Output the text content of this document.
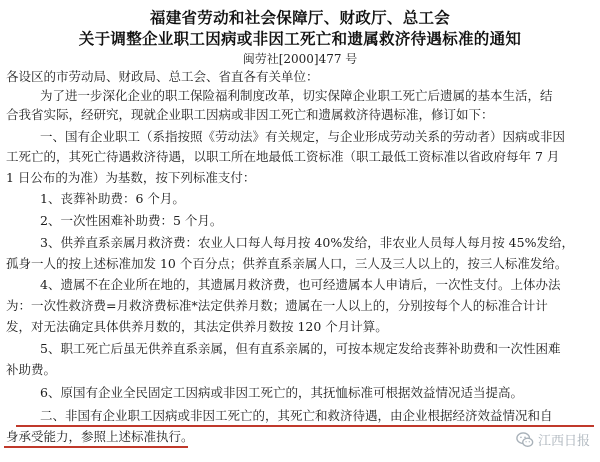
福建省劳动和社会保障厅、财政厅、总工会
关于调整企业职工因病或非因工死亡和遗属救济待遇标准的通知
闽劳社[2000]477 号
各设区的市劳动局、财政局、总工会、省直各有关单位：
为了进一步深化企业的职工保险福利制度改革，切实保障企业职工死亡后遗属的基本生活，结
合我省实际，经研究，现就企业职工因病或非因工死亡和遗属救济待遇标准，修订如下：
一、国有企业职工（系指按照《劳动法》有关规定，与企业形成劳动关系的劳动者）因病或非因
工死亡的，其死亡待遇救济待遇，以职工所在地最低工资标准（职工最低工资标准以省政府每年 7 月
1 日公布的为准）为基数，按下列标准支付：
1、丧葬补助费：6 个月。
2、一次性困难补助费：5 个月。
3、供养直系亲属月救济费：农业人口每人每月按 40%发给，非农业人员每人每月按 45%发给，
孤身一人的按上述标准加发 10 个百分点；供养直系亲属人口，三人及三人以上的，按三人标准发给。
4、遗属不在企业所在地的，其遗属月救济费，也可经遗属本人申请后，一次性支付。上体办法
为：一次性救济费=月救济费标准*法定供养月数；遗属在一人以上的，分别按每个人的标准合计计
发，对无法确定具体供养月数的，其法定供养月数按 120 个月计算。
5、职工死亡后虽无供养直系亲属，但有直系亲属的，可按本规定发给丧葬补助费和一次性困难
补助费。
6、原国有企业全民固定工因病或非因工死亡的，其抚恤标准可根据效益情况适当提高。
二、非国有企业职工因病或非因工死亡的，其死亡和救济待遇，由企业根据经济效益情况和自
身承受能力，参照上述标准执行。	江西日报
